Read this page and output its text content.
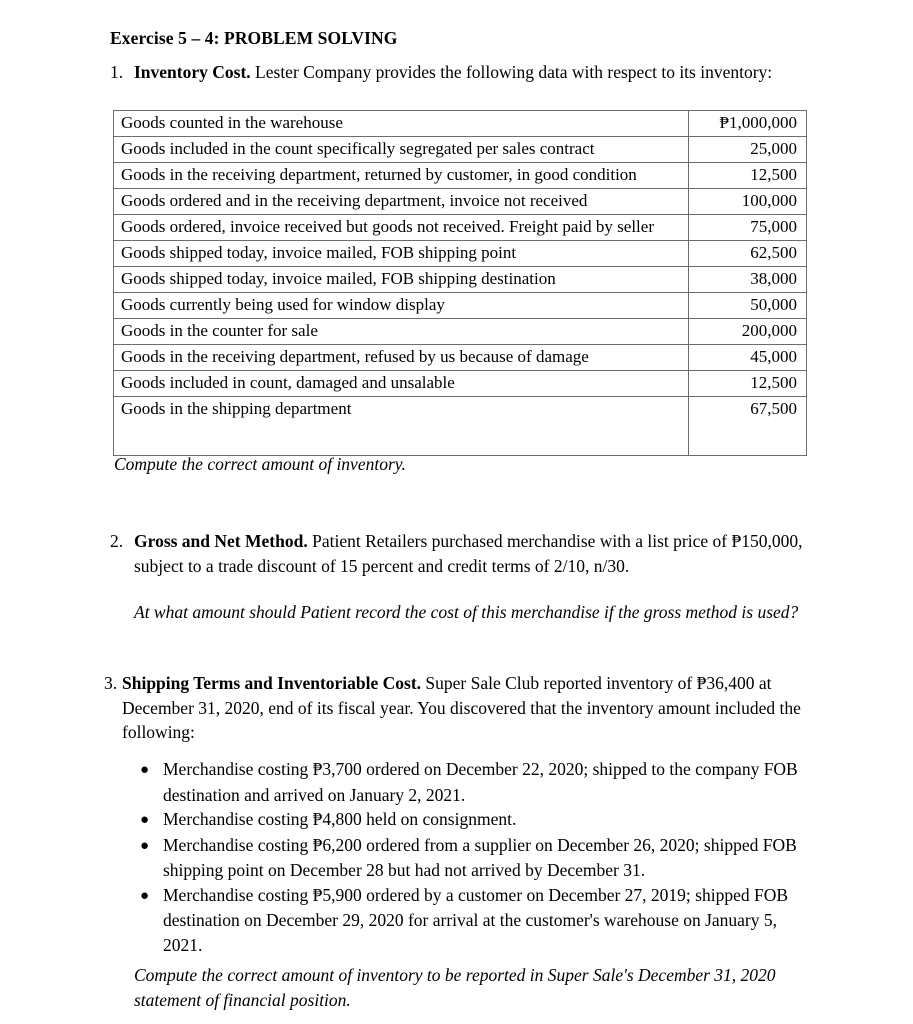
Exercise 5 – 4: PROBLEM SOLVING
1. Inventory Cost. Lester Company provides the following data with respect to its inventory:
Goods counted in the warehouse	₱1,000,000
Goods included in the count specifically segregated per sales contract	25,000
Goods in the receiving department, returned by customer, in good condition	12,500
Goods ordered and in the receiving department, invoice not received	100,000
Goods ordered, invoice received but goods not received. Freight paid by seller	75,000
Goods shipped today, invoice mailed, FOB shipping point	62,500
Goods shipped today, invoice mailed, FOB shipping destination	38,000
Goods currently being used for window display	50,000
Goods in the counter for sale	200,000
Goods in the receiving department, refused by us because of damage	45,000
Goods included in count, damaged and unsalable	12,500
Goods in the shipping department	67,500
Compute the correct amount of inventory.
2. Gross and Net Method. Patient Retailers purchased merchandise with a list price of ₱150,000, subject to a trade discount of 15 percent and credit terms of 2/10, n/30.
At what amount should Patient record the cost of this merchandise if the gross method is used?
3. Shipping Terms and Inventoriable Cost. Super Sale Club reported inventory of ₱36,400 at December 31, 2020, end of its fiscal year. You discovered that the inventory amount included the following:
● Merchandise costing ₱3,700 ordered on December 22, 2020; shipped to the company FOB destination and arrived on January 2, 2021.
● Merchandise costing ₱4,800 held on consignment.
● Merchandise costing ₱6,200 ordered from a supplier on December 26, 2020; shipped FOB shipping point on December 28 but had not arrived by December 31.
● Merchandise costing ₱5,900 ordered by a customer on December 27, 2019; shipped FOB destination on December 29, 2020 for arrival at the customer's warehouse on January 5, 2021.
Compute the correct amount of inventory to be reported in Super Sale's December 31, 2020 statement of financial position.
